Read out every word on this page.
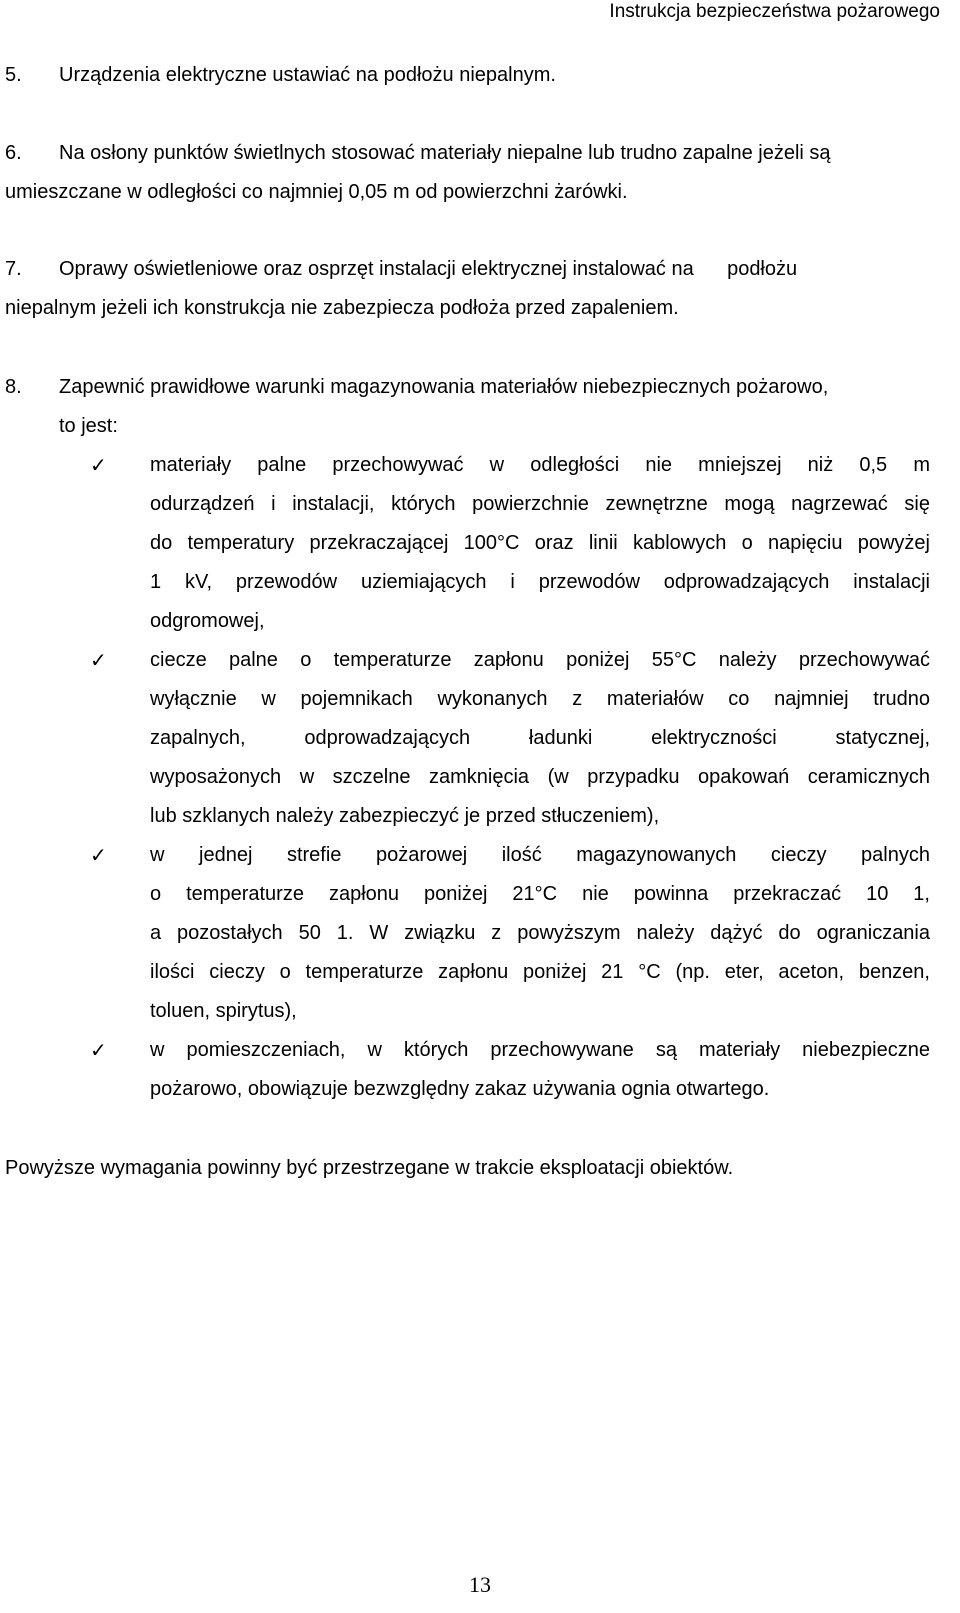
Instrukcja bezpieczeństwa pożarowego
5. Urządzenia elektryczne ustawiać na podłożu niepalnym.
6. Na osłony punktów świetlnych stosować materiały niepalne lub trudno zapalne jeżeli są
umieszczane w odległości co najmniej 0,05 m od powierzchni żarówki.
7. Oprawy oświetleniowe oraz osprzęt instalacji elektrycznej instalować na      podłożu
niepalnym jeżeli ich konstrukcja nie zabezpiecza podłoża przed zapaleniem.
8. Zapewnić prawidłowe warunki magazynowania materiałów niebezpiecznych pożarowo,
to jest:
✓	materiały palne przechowywać w odległości nie mniejszej niż 0,5 m
odurządzeń i instalacji, których powierzchnie zewnętrzne mogą nagrzewać się
do temperatury przekraczającej 100°C oraz linii kablowych o napięciu powyżej
1 kV, przewodów uziemiających i przewodów odprowadzających instalacji
odgromowej,
✓	ciecze palne o temperaturze zapłonu poniżej 55°C należy przechowywać
wyłącznie w pojemnikach wykonanych z materiałów co najmniej trudno
zapalnych, odprowadzających ładunki elektryczności statycznej,
wyposażonych w szczelne zamknięcia (w przypadku opakowań ceramicznych
lub szklanych należy zabezpieczyć je przed stłuczeniem),
✓	w jednej strefie pożarowej ilość magazynowanych cieczy palnych
o temperaturze zapłonu poniżej 21°C nie powinna przekraczać 10 1,
a pozostałych 50 1. W związku z powyższym należy dążyć do ograniczania
ilości cieczy o temperaturze zapłonu poniżej 21 °C (np. eter, aceton, benzen,
toluen, spirytus),
✓	w pomieszczeniach, w których przechowywane są materiały niebezpieczne
pożarowo, obowiązuje bezwzględny zakaz używania ognia otwartego.
Powyższe wymagania powinny być przestrzegane w trakcie eksploatacji obiektów.
13
